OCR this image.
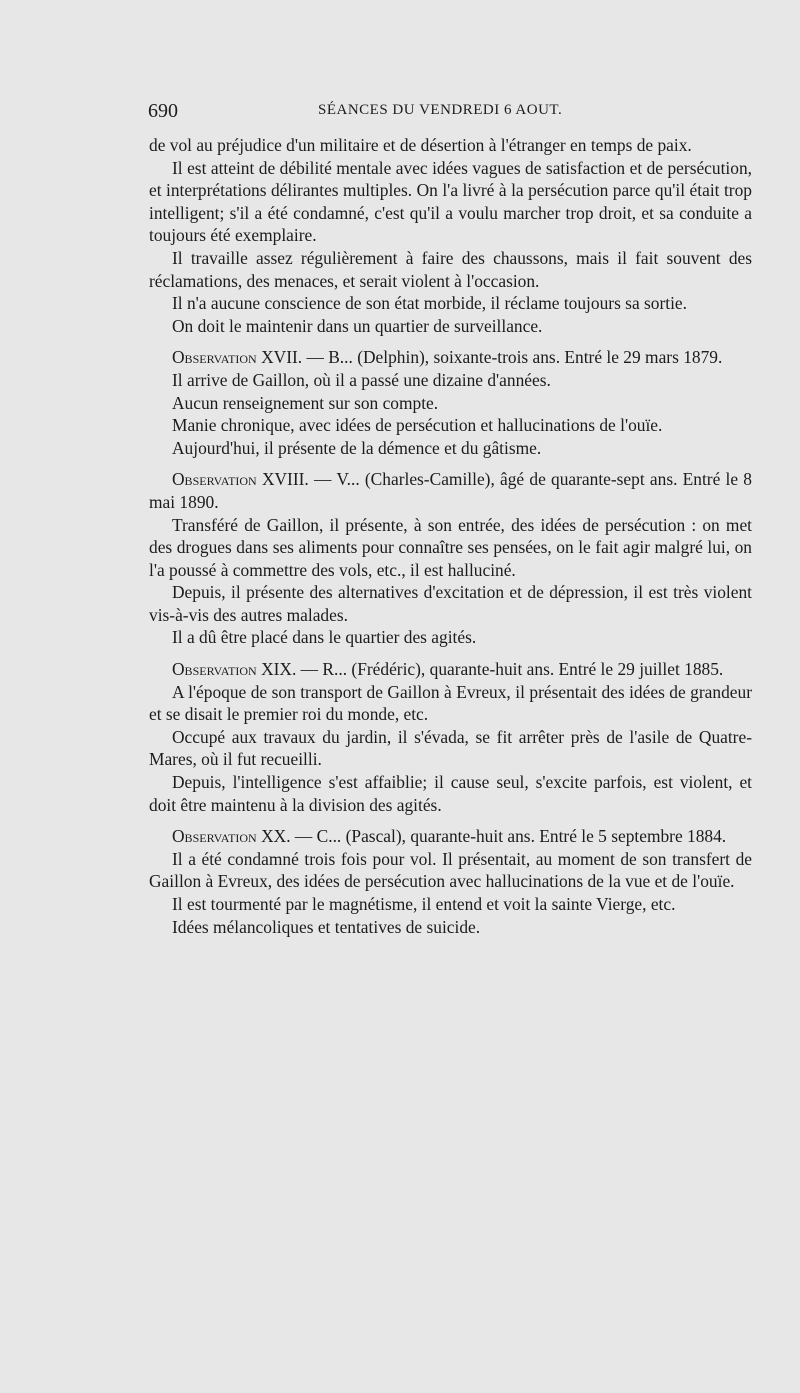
690	SÉANCES DU VENDREDI 6 AOUT.

de vol au préjudice d'un militaire et de désertion à l'étranger en temps de paix.

Il est atteint de débilité mentale avec idées vagues de satisfaction et de persécution, et interprétations délirantes multiples. On l'a livré à la persécution parce qu'il était trop intelligent; s'il a été condamné, c'est qu'il a voulu marcher trop droit, et sa conduite a toujours été exemplaire.

Il travaille assez régulièrement à faire des chaussons, mais il fait souvent des réclamations, des menaces, et serait violent à l'occasion.

Il n'a aucune conscience de son état morbide, il réclame toujours sa sortie.

On doit le maintenir dans un quartier de surveillance.

Observation XVII. — B... (Delphin), soixante-trois ans. Entré le 29 mars 1879.

Il arrive de Gaillon, où il a passé une dizaine d'années.

Aucun renseignement sur son compte.

Manie chronique, avec idées de persécution et hallucinations de l'ouïe.

Aujourd'hui, il présente de la démence et du gâtisme.

Observation XVIII. — V... (Charles-Camille), âgé de quarante-sept ans. Entré le 8 mai 1890.

Transféré de Gaillon, il présente, à son entrée, des idées de persécution : on met des drogues dans ses aliments pour connaître ses pensées, on le fait agir malgré lui, on l'a poussé à commettre des vols, etc., il est halluciné.

Depuis, il présente des alternatives d'excitation et de dépression, il est très violent vis-à-vis des autres malades.

Il a dû être placé dans le quartier des agités.

Observation XIX. — R... (Frédéric), quarante-huit ans. Entré le 29 juillet 1885.

A l'époque de son transport de Gaillon à Evreux, il présentait des idées de grandeur et se disait le premier roi du monde, etc.

Occupé aux travaux du jardin, il s'évada, se fit arrêter près de l'asile de Quatre-Mares, où il fut recueilli.

Depuis, l'intelligence s'est affaiblie; il cause seul, s'excite parfois, est violent, et doit être maintenu à la division des agités.

Observation XX. — C... (Pascal), quarante-huit ans. Entré le 5 septembre 1884.

Il a été condamné trois fois pour vol. Il présentait, au moment de son transfert de Gaillon à Evreux, des idées de persécution avec hallucinations de la vue et de l'ouïe.

Il est tourmenté par le magnétisme, il entend et voit la sainte Vierge, etc.

Idées mélancoliques et tentatives de suicide.
